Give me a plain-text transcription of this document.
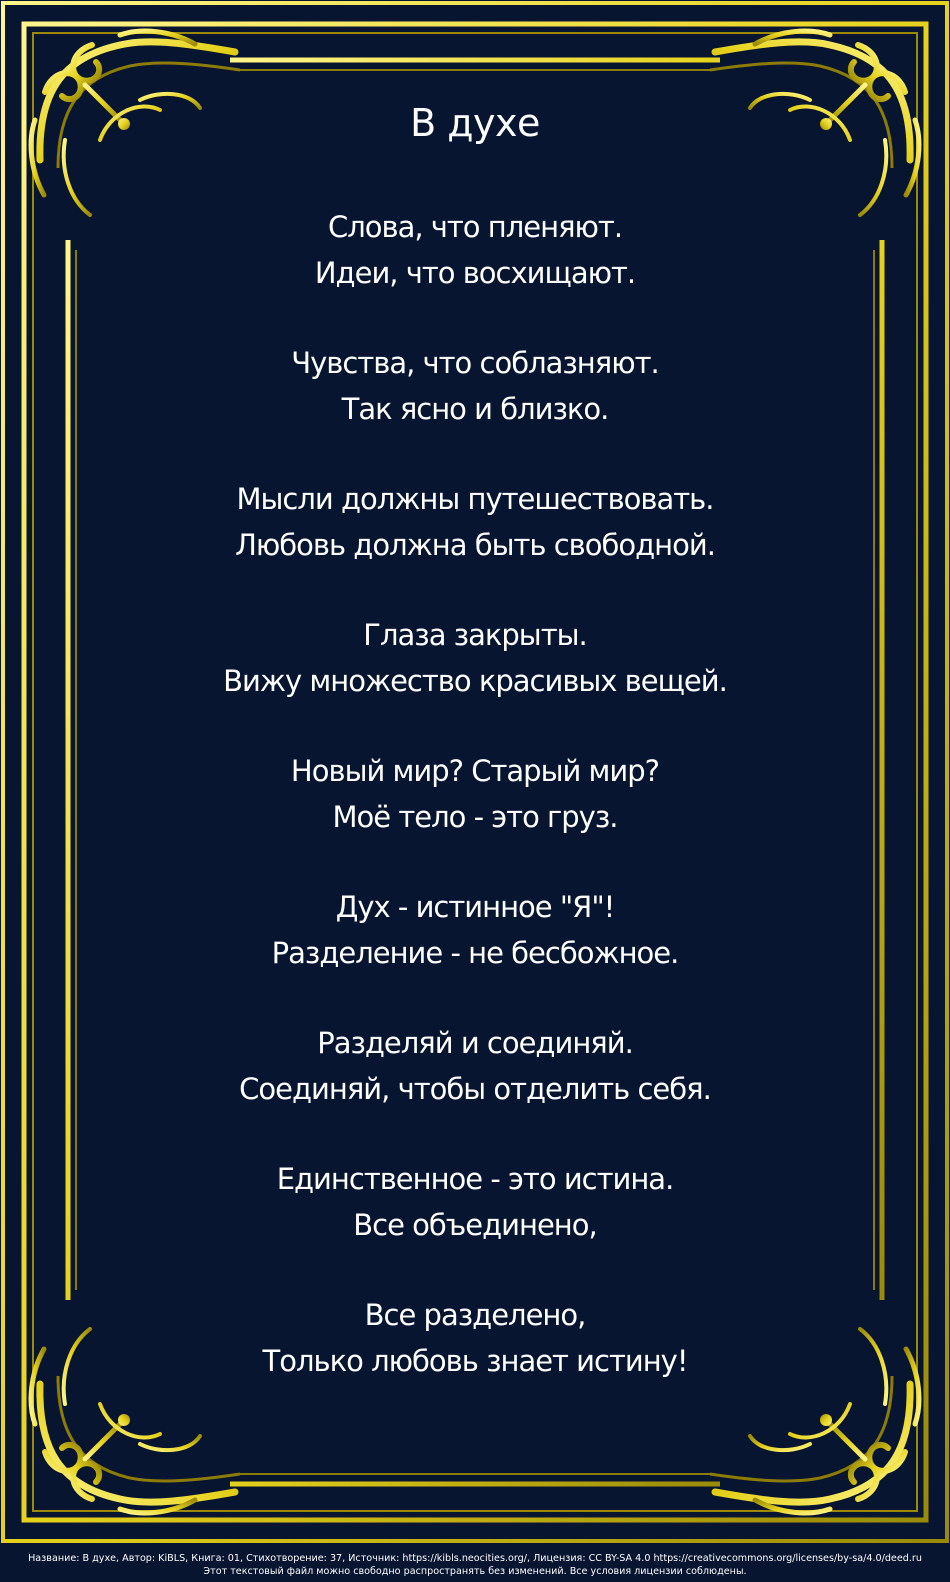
В духе
Слова, что пленяют.
Идеи, что восхищают.
Чувства, что соблазняют.
Так ясно и близко.
Мысли должны путешествовать.
Любовь должна быть свободной.
Глаза закрыты.
Вижу множество красивых вещей.
Новый мир? Старый мир?
Моё тело - это груз.
Дух - истинное "Я"!
Разделение - не бесбожное.
Разделяй и соединяй.
Соединяй, чтобы отделить себя.
Единственное - это истина.
Все объединено,
Все разделено,
Только любовь знает истину!
Название: В духе, Автор: KiBLS, Книга: 01, Стихотворение: 37, Источник: https://kibls.neocities.org/, Лицензия: CC BY-SA 4.0 https://creativecommons.org/licenses/by-sa/4.0/deed.ru
Этот текстовый файл можно свободно распространять без изменений. Все условия лицензии соблюдены.
